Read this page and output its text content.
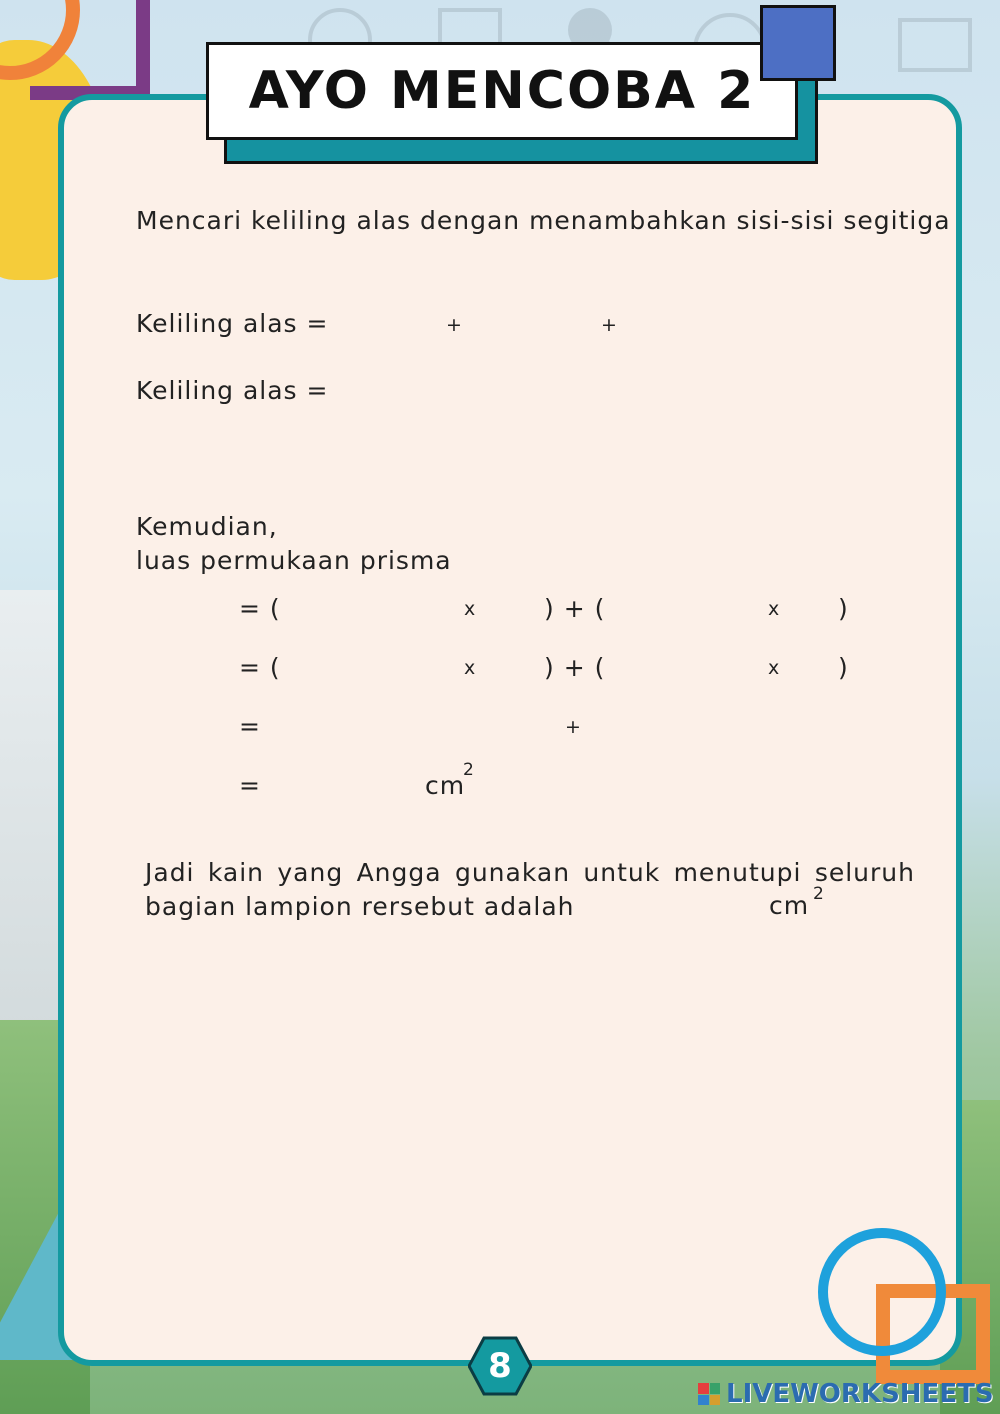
AYO MENCOBA 2
Mencari keliling alas dengan menambahkan sisi-sisi segitiga
Keliling alas =	+	+
Keliling alas =
Kemudian,
luas permukaan prisma
= (	x	) + (	x )
= (	x	) + (	x )
=	+
=	cm
2
Jadi kain yang Angga gunakan untuk menutupi seluruh
bagian lampion rersebut adalah	cm 2
8
LIVEWORKSHEETS
